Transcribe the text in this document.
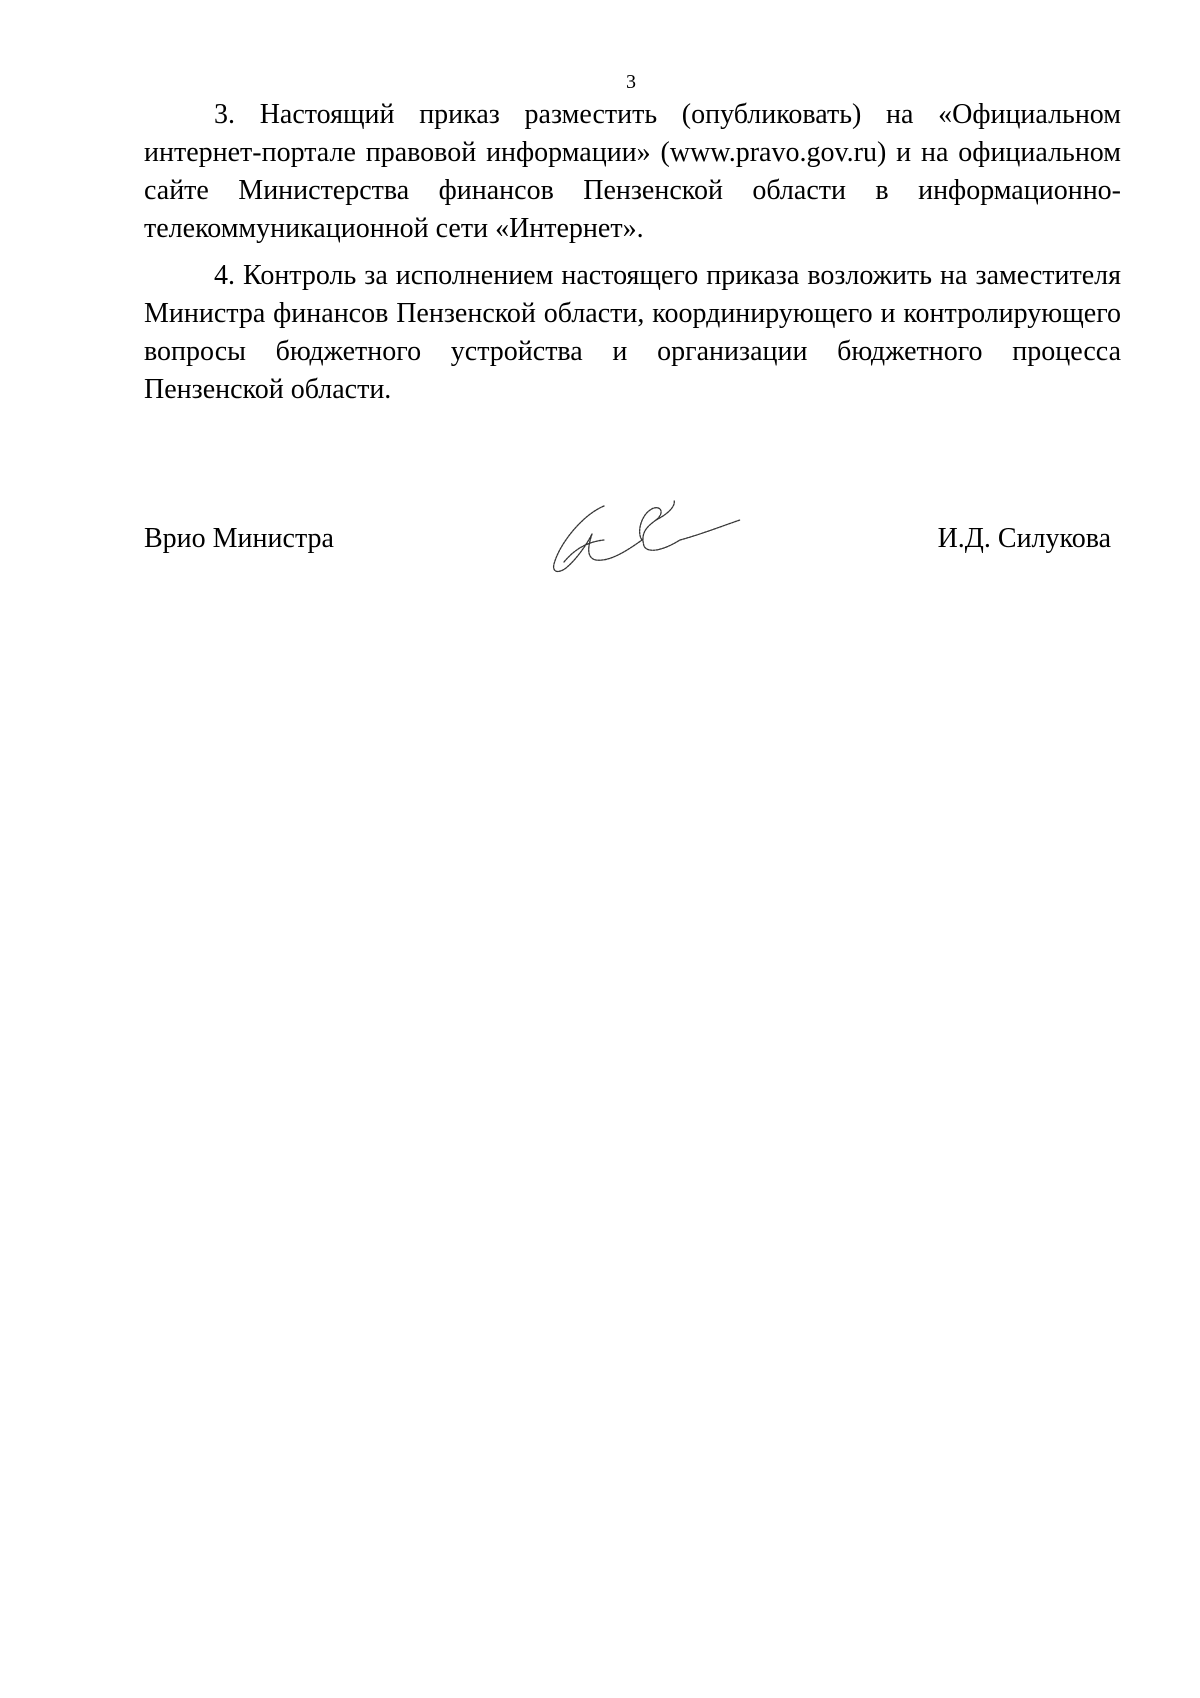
3

3. Настоящий приказ разместить (опубликовать) на «Официальном интернет-портале правовой информации» (www.pravo.gov.ru) и на официальном сайте Министерства финансов Пензенской области в информационно-телекоммуникационной сети «Интернет».

4. Контроль за исполнением настоящего приказа возложить на заместителя Министра финансов Пензенской области, координирующего и контролирующего вопросы бюджетного устройства и организации бюджетного процесса Пензенской области.

Врио Министра	И.Д. Силукова
